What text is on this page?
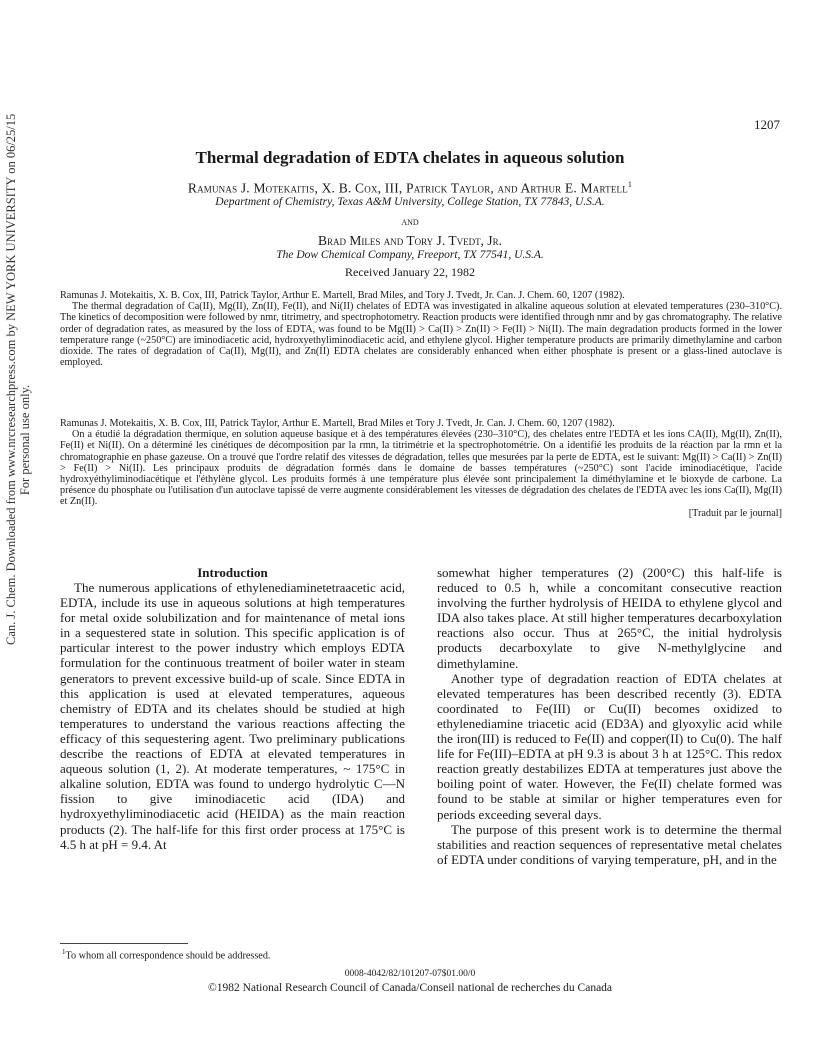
Can. J. Chem. Downloaded from www.nrcresearchpress.com by NEW YORK UNIVERSITY on 06/25/15 For personal use only.
1207
Thermal degradation of EDTA chelates in aqueous solution
Ramunas J. Motekaitis, X. B. Cox, III, Patrick Taylor, and Arthur E. Martell$^1$
Department of Chemistry, Texas A&M University, College Station, TX 77843, U.S.A.
and
Brad Miles and Tory J. Tvedt, Jr.
The Dow Chemical Company, Freeport, TX 77541, U.S.A.
Received January 22, 1982

Ramunas J. Motekaitis, X. B. Cox, III, Patrick Taylor, Arthur E. Martell, Brad Miles, and Tory J. Tvedt, Jr. Can. J. Chem. 60, 1207 (1982).

The thermal degradation of Ca(II), Mg(II), Zn(II), Fe(II), and Ni(II) chelates of EDTA was investigated in alkaline aqueous solution at elevated temperatures (230–310°C). The kinetics of decomposition were followed by nmr, titrimetry, and spectrophotometry. Reaction products were identified through nmr and by gas chromatography. The relative order of degradation rates, as measured by the loss of EDTA, was found to be Mg(II) > Ca(II) > Zn(II) > Fe(II) > Ni(II). The main degradation products formed in the lower temperature range (~250°C) are iminodiacetic acid, hydroxyethyliminodiacetic acid, and ethylene glycol. Higher temperature products are primarily dimethylamine and carbon dioxide. The rates of degradation of Ca(II), Mg(II), and Zn(II) EDTA chelates are considerably enhanced when either phosphate is present or a glass-lined autoclave is employed.

Ramunas J. Motekaitis, X. B. Cox, III, Patrick Taylor, Arthur E. Martell, Brad Miles et Tory J. Tvedt, Jr. Can. J. Chem. 60, 1207 (1982).

On a étudié la dégradation thermique, en solution aqueuse basique et à des températures élevées (230–310°C), des chelates entre l'EDTA et les ions CA(II), Mg(II), Zn(II), Fe(II) et Ni(II). On a déterminé les cinétiques de décomposition par la rmn, la titrimétrie et la spectrophotométrie. On a identifié les produits de la réaction par la rmn et la chromatographie en phase gazeuse. On a trouvé que l'ordre relatif des vitesses de dégradation, telles que mesurées par la perte de EDTA, est le suivant: Mg(II) > Ca(II) > Zn(II) > Fe(II) > Ni(II). Les principaux produits de dégradation formés dans le domaine de basses températures (~250°C) sont l'acide iminodiacétique, l'acide hydroxyéthyliminodiacétique et l'éthylène glycol. Les produits formés à une température plus élevée sont principalement la diméthylamine et le bioxyde de carbone. La présence du phosphate ou l'utilisation d'un autoclave tapissé de verre augmente considérablement les vitesses de dégradation des chelates de l'EDTA avec les ions Ca(II), Mg(II) et Zn(II).

[Traduit par le journal]

Introduction

The numerous applications of ethylenediaminetetraacetic acid, EDTA, include its use in aqueous solutions at high temperatures for metal oxide solubilization and for maintenance of metal ions in a sequestered state in solution. This specific application is of particular interest to the power industry which employs EDTA formulation for the continuous treatment of boiler water in steam generators to prevent excessive build-up of scale. Since EDTA in this application is used at elevated temperatures, aqueous chemistry of EDTA and its chelates should be studied at high temperatures to understand the various reactions affecting the efficacy of this sequestering agent. Two preliminary publications describe the reactions of EDTA at elevated temperatures in aqueous solution (1, 2). At moderate temperatures, ~ 175°C in alkaline solution, EDTA was found to undergo hydrolytic C—N fission to give iminodiacetic acid (IDA) and hydroxyethyliminodiacetic acid (HEIDA) as the main reaction products (2). The half-life for this first order process at 175°C is 4.5 h at pH = 9.4. At

somewhat higher temperatures (2) (200°C) this half-life is reduced to 0.5 h, while a concomitant consecutive reaction involving the further hydrolysis of HEIDA to ethylene glycol and IDA also takes place. At still higher temperatures decarboxylation reactions also occur. Thus at 265°C, the initial hydrolysis products decarboxylate to give N-methylglycine and dimethylamine.

Another type of degradation reaction of EDTA chelates at elevated temperatures has been described recently (3). EDTA coordinated to Fe(III) or Cu(II) becomes oxidized to ethylenediamine triacetic acid (ED3A) and glyoxylic acid while the iron(III) is reduced to Fe(II) and copper(II) to Cu(0). The half life for Fe(III)–EDTA at pH 9.3 is about 3 h at 125°C. This redox reaction greatly destabilizes EDTA at temperatures just above the boiling point of water. However, the Fe(II) chelate formed was found to be stable at similar or higher temperatures even for periods exceeding several days.

The purpose of this present work is to determine the thermal stabilities and reaction sequences of representative metal chelates of EDTA under conditions of varying temperature, pH, and in the

$^1$To whom all correspondence should be addressed.
0008-4042/82/101207-07$01.00/0
©1982 National Research Council of Canada/Conseil national de recherches du Canada
